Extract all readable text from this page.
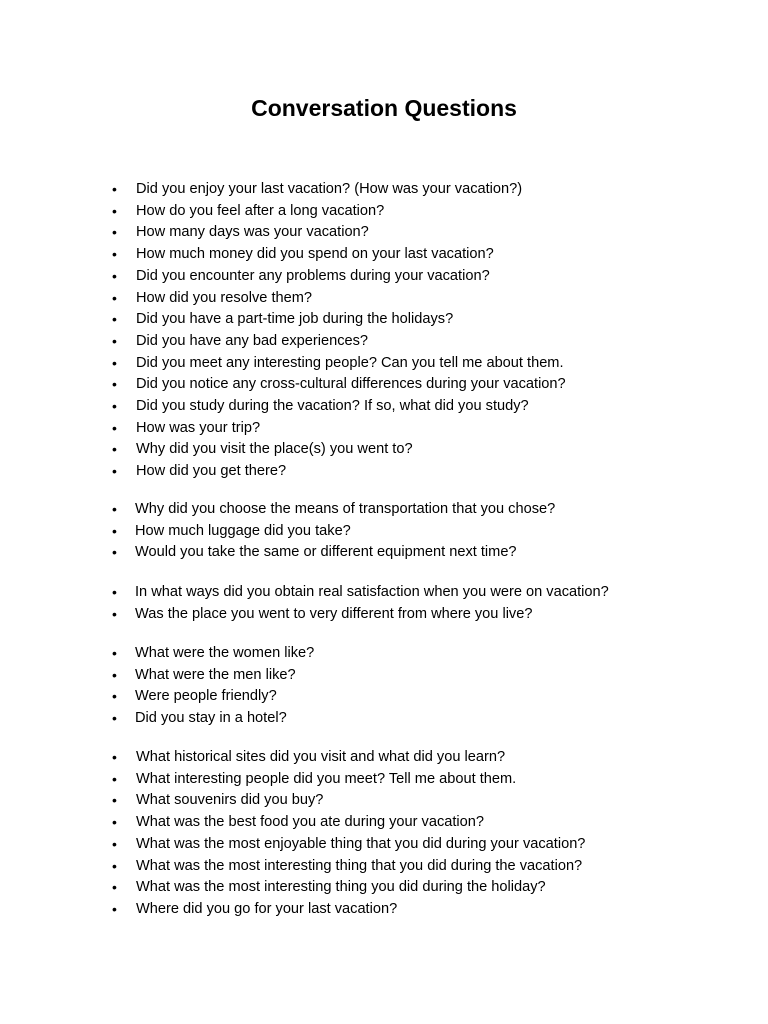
Conversation Questions
• Did you enjoy your last vacation? (How was your vacation?)
• How do you feel after a long vacation?
• How many days was your vacation?
• How much money did you spend on your last vacation?
• Did you encounter any problems during your vacation?
• How did you resolve them?
• Did you have a part-time job during the holidays?
• Did you have any bad experiences?
• Did you meet any interesting people? Can you tell me about them.
• Did you notice any cross-cultural differences during your vacation?
• Did you study during the vacation? If so, what did you study?
• How was your trip?
• Why did you visit the place(s) you went to?
• How did you get there?
• Why did you choose the means of transportation that you chose?
• How much luggage did you take?
• Would you take the same or different equipment next time?
• In what ways did you obtain real satisfaction when you were on vacation?
• Was the place you went to very different from where you live?
• What were the women like?
• What were the men like?
• Were people friendly?
• Did you stay in a hotel?
• What historical sites did you visit and what did you learn?
• What interesting people did you meet? Tell me about them.
• What souvenirs did you buy?
• What was the best food you ate during your vacation?
• What was the most enjoyable thing that you did during your vacation?
• What was the most interesting thing that you did during the vacation?
• What was the most interesting thing you did during the holiday?
• Where did you go for your last vacation?
